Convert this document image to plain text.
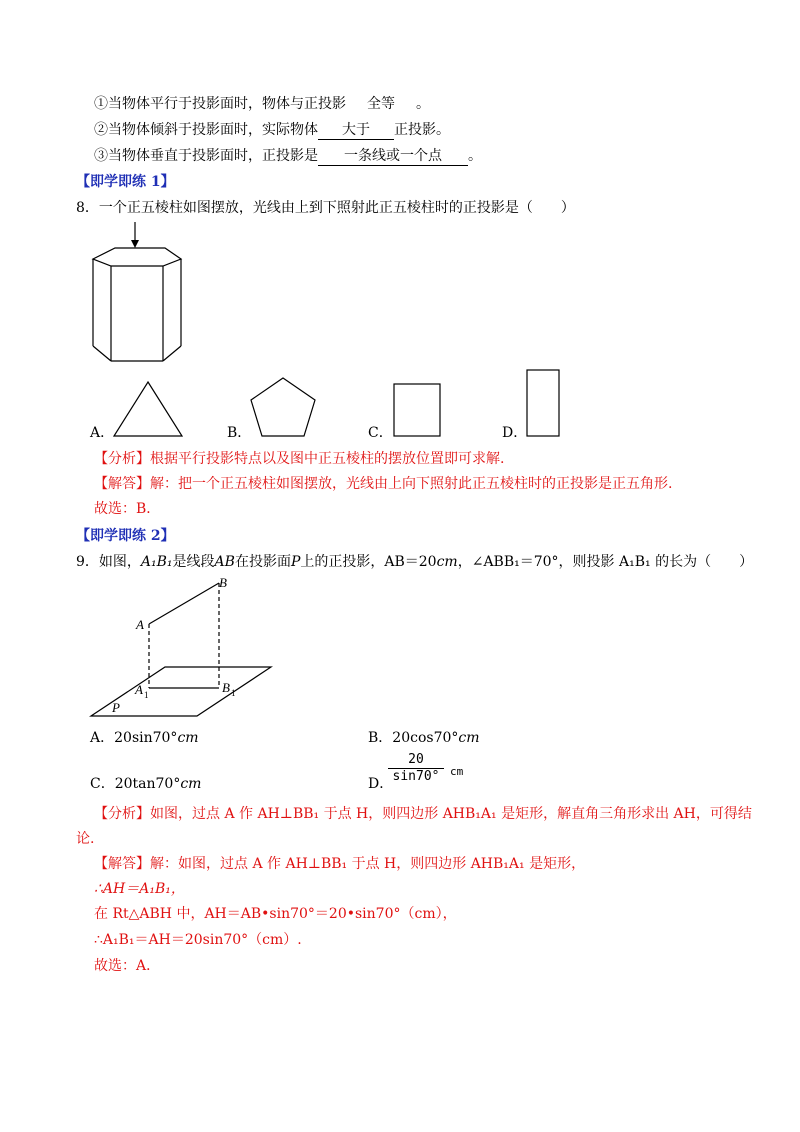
①当物体平行于投影面时，物体与正投影 全等 。
②当物体倾斜于投影面时，实际物体 大于 正投影。
③当物体垂直于投影面时，正投影是 一条线或一个点 。
【即学即练 1】
8．一个正五棱柱如图摆放，光线由上到下照射此正五棱柱时的正投影是（　　）
A．	B．	C．	D．
【分析】根据平行投影特点以及图中正五棱柱的摆放位置即可求解.
【解答】解：把一个正五棱柱如图摆放，光线由上向下照射此正五棱柱时的正投影是正五角形.
故选：B．
【即学即练 2】
9．如图，A₁B₁是线段AB在投影面P上的正投影，AB＝20cm，∠ABB₁＝70°，则投影 A₁B₁ 的长为（　　）
B
A
A 1	B 1
P
A．20sin70°cm	B．20cos70°cm
C．20tan70°cm	D．
$\frac{20}{\sin 70^\circ}$ cm
【分析】如图，过点 A 作 AH⊥BB₁ 于点 H，则四边形 AHB₁A₁ 是矩形，解直角三角形求出 AH，可得结
论.
【解答】解：如图，过点 A 作 AH⊥BB₁ 于点 H，则四边形 AHB₁A₁ 是矩形，
∴AH＝A₁B₁，
在 Rt△ABH 中，AH＝AB•sin70°＝20•sin70°（cm），
∴A₁B₁＝AH＝20sin70°（cm）.
故选：A．
